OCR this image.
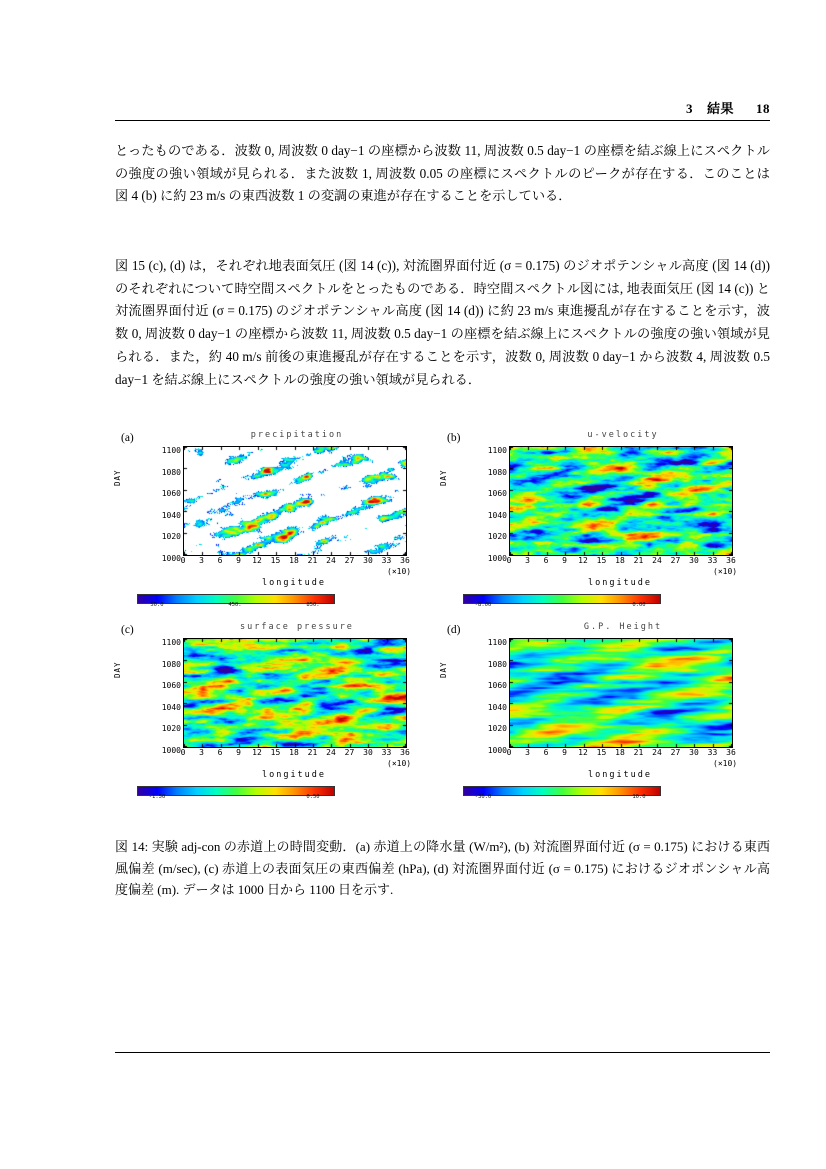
3 結果 18
とったものである．波数 0, 周波数 0 day−1 の座標から波数 11, 周波数 0.5 day−1 の座標を結ぶ線上にスペクトルの強度の強い領域が見られる．また波数 1, 周波数 0.05 の座標にスペクトルのピークが存在する．このことは 図 4 (b) に約 23 m/s の東西波数 1 の変調の東進が存在することを示している．
図 15 (c), (d) は，それぞれ地表面気圧 (図 14 (c)), 対流圏界面付近 (σ = 0.175) のジオポテンシャル高度 (図 14 (d)) のそれぞれについて時空間スペクトルをとったものである．時空間スペクトル図には, 地表面気圧 (図 14 (c)) と対流圏界面付近 (σ = 0.175) のジオポテンシャル高度 (図 14 (d)) に約 23 m/s 東進擾乱が存在することを示す，波数 0, 周波数 0 day−1 の座標から波数 11, 周波数 0.5 day−1 の座標を結ぶ線上にスペクトルの強度の強い領域が見られる．また，約 40 m/s 前後の東進擾乱が存在することを示す，波数 0, 周波数 0 day−1 から波数 4, 周波数 0.5 day−1 を結ぶ線上にスペクトルの強度の強い領域が見られる．
(a)	precipitation
DAY
1100
1080
1060
1040
1020
1000 0 3 6 9 12 15 18 21 24 27 30 33 36
(×10)
longitude
50.0	450.	850.
(b)	u-velocity
DAY
1100
1080
1060
1040
1020
1000 0 3 6 9 12 15 18 21 24 27 30 33 36
(×10)
longitude
-8.00	0.00
(c)	surface pressure
DAY
1100
1080
1060
1040
1020
1000 0 3 6 9 12 15 18 21 24 27 30 33 36
(×10)
longitude
-1.50	0.50
(d)	G.P. Height
DAY
1100
1080
1060
1040
1020
1000 0 3 6 9 12 15 18 21 24 27 30 33 36
(×10)
longitude
-30.0	10.0
図 14: 実験 adj-con の赤道上の時間変動．(a) 赤道上の降水量 (W/m²), (b) 対流圏界面付近 (σ = 0.175) における東西風偏差 (m/sec), (c) 赤道上の表面気圧の東西偏差 (hPa), (d) 対流圏界面付近 (σ = 0.175) におけるジオポンシャル高度偏差 (m). データは 1000 日から 1100 日を示す.
